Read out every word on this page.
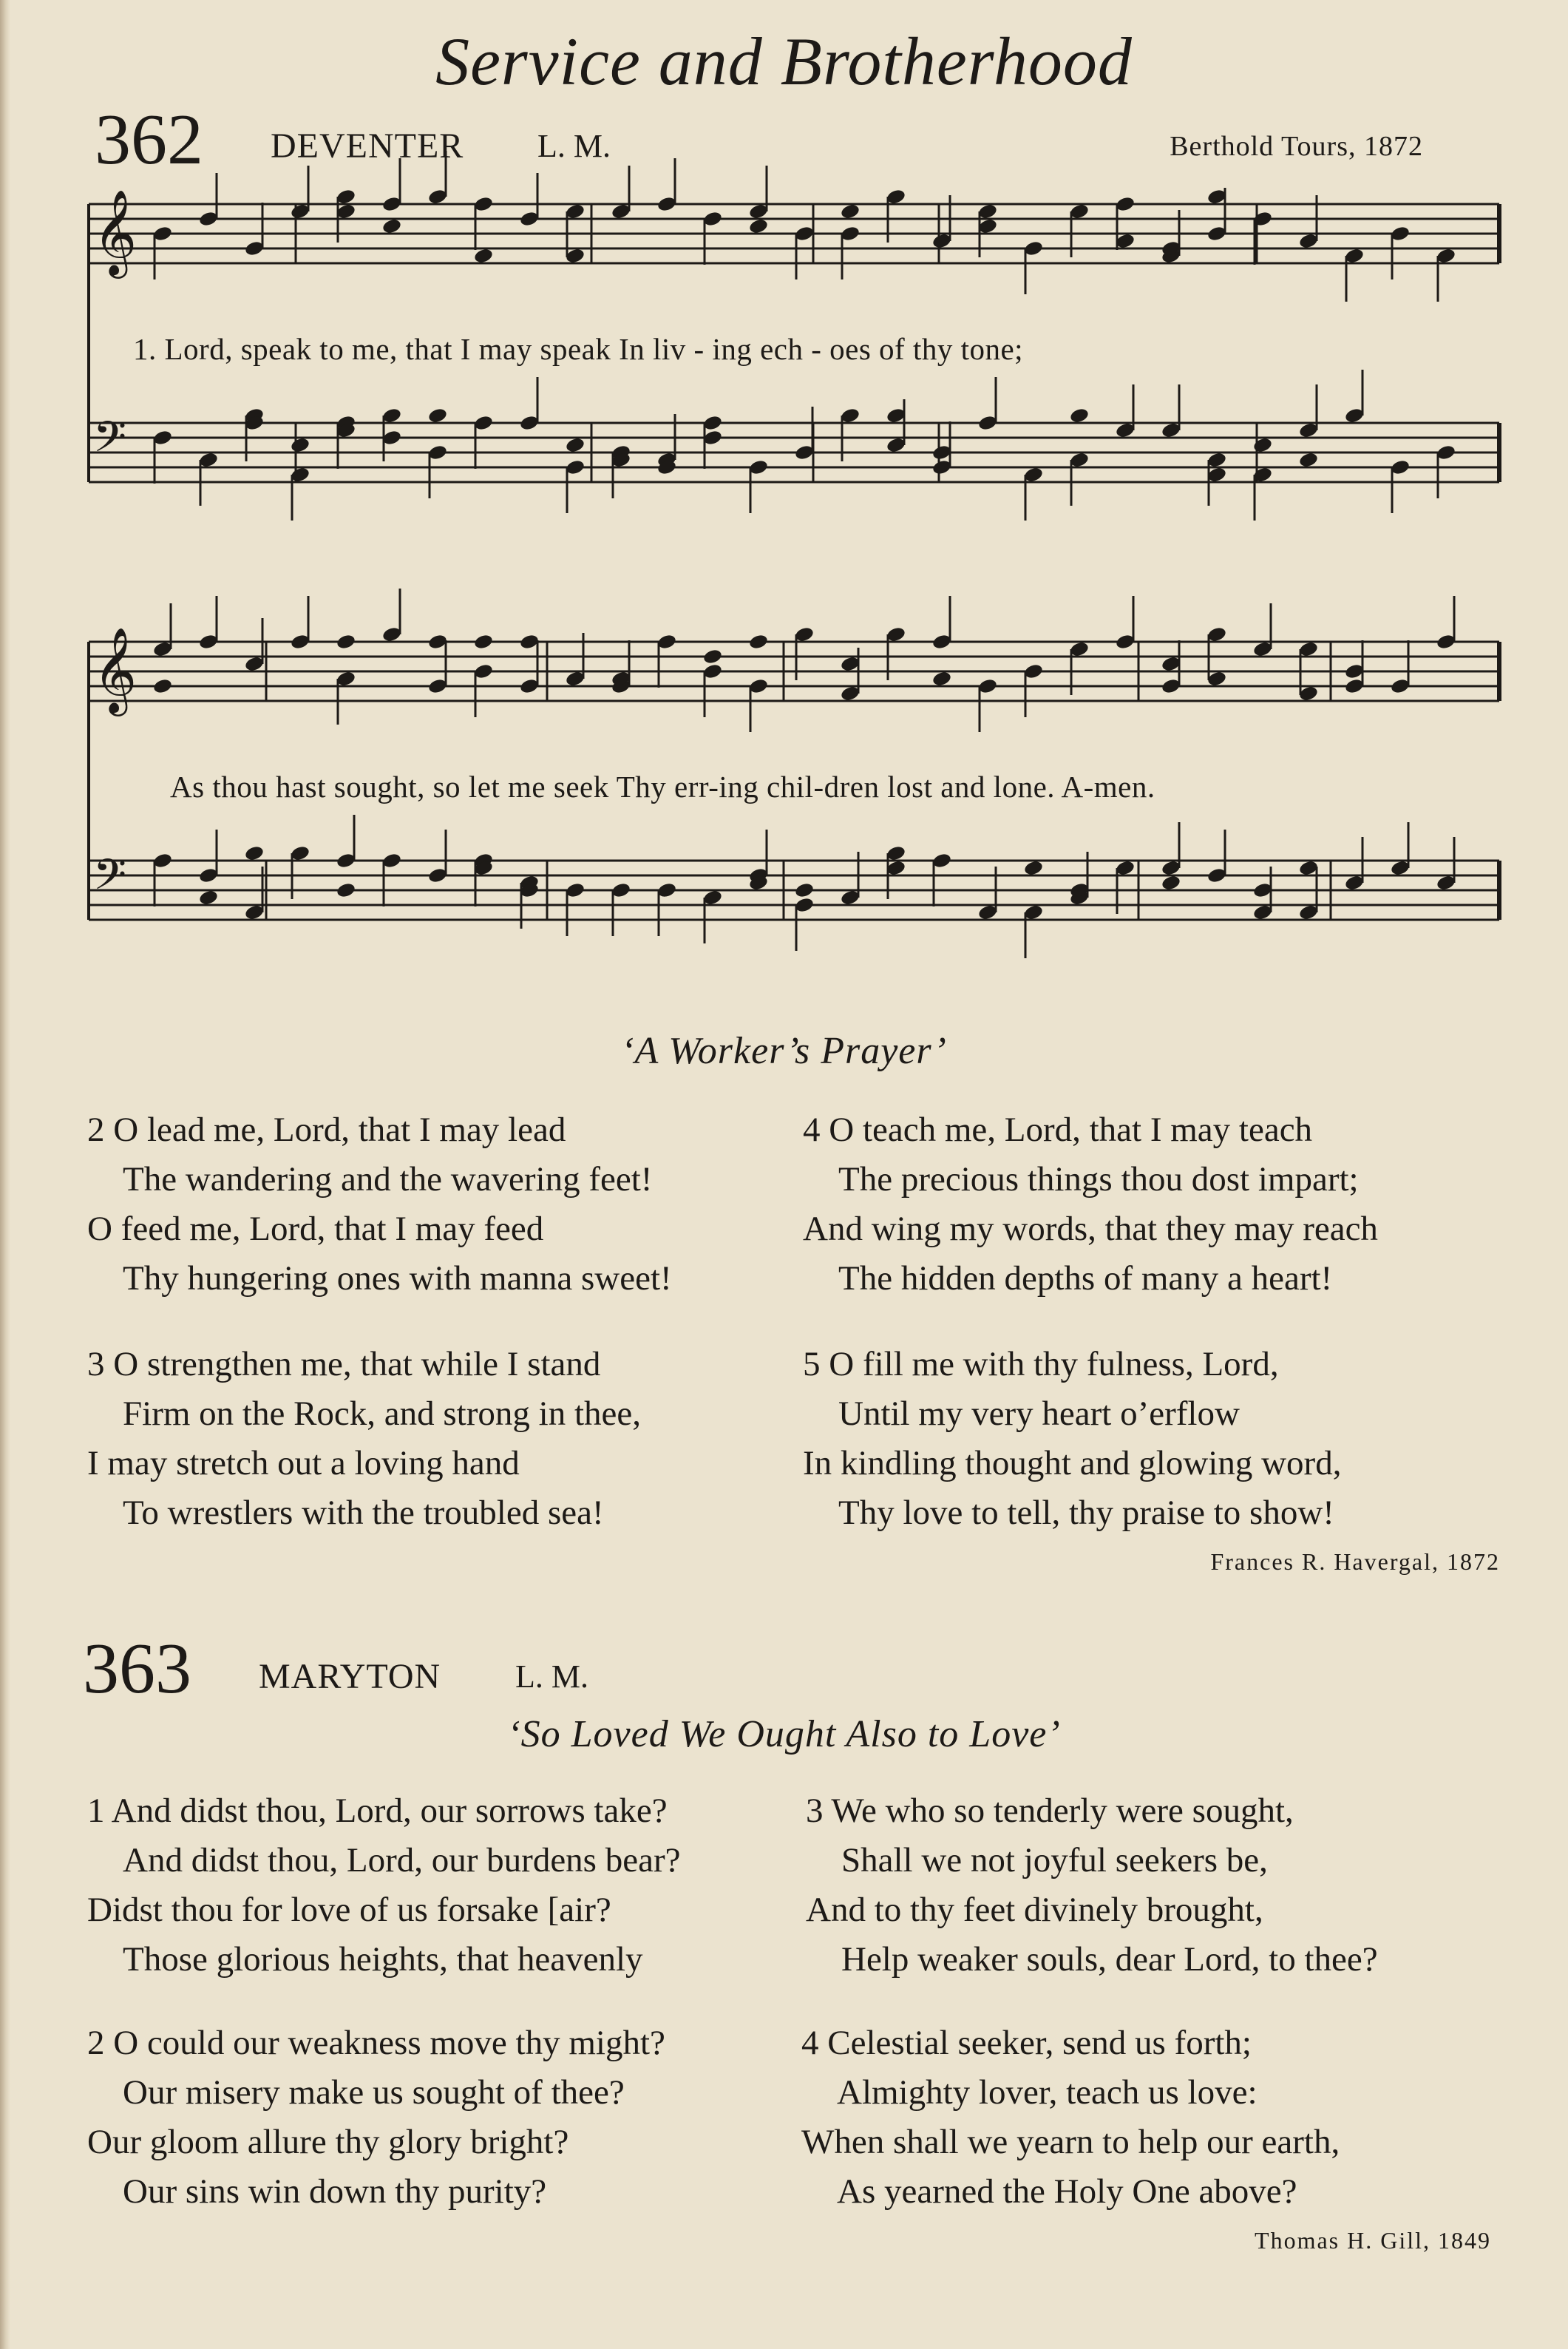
Service and Brotherhood
362 DEVENTER L. M.	Berthold Tours, 1872
𝄞
𝄢
𝄞
𝄢
1. Lord, speak to me, that I may speak In liv - ing ech - oes of thy tone;
As thou hast sought, so let me seek Thy err-ing chil-dren lost and lone. A-men.
‘A Worker’s Prayer’
2 O lead me, Lord, that I may lead
The wandering and the wavering feet!
O feed me, Lord, that I may feed
Thy hungering ones with manna sweet!
3 O strengthen me, that while I stand
Firm on the Rock, and strong in thee,
I may stretch out a loving hand
To wrestlers with the troubled sea!
4 O teach me, Lord, that I may teach
The precious things thou dost impart;
And wing my words, that they may reach
The hidden depths of many a heart!
5 O fill me with thy fulness, Lord,
Until my very heart o’erflow
In kindling thought and glowing word,
Thy love to tell, thy praise to show!
Frances R. Havergal, 1872
363 MARYTON L. M.
‘So Loved We Ought Also to Love’
1 And didst thou, Lord, our sorrows take?
And didst thou, Lord, our burdens bear?
Didst thou for love of us forsake [air?
Those glorious heights, that heavenly
2 O could our weakness move thy might?
Our misery make us sought of thee?
Our gloom allure thy glory bright?
Our sins win down thy purity?
3 We who so tenderly were sought,
Shall we not joyful seekers be,
And to thy feet divinely brought,
Help weaker souls, dear Lord, to thee?
4 Celestial seeker, send us forth;
Almighty lover, teach us love:
When shall we yearn to help our earth,
As yearned the Holy One above?
Thomas H. Gill, 1849
